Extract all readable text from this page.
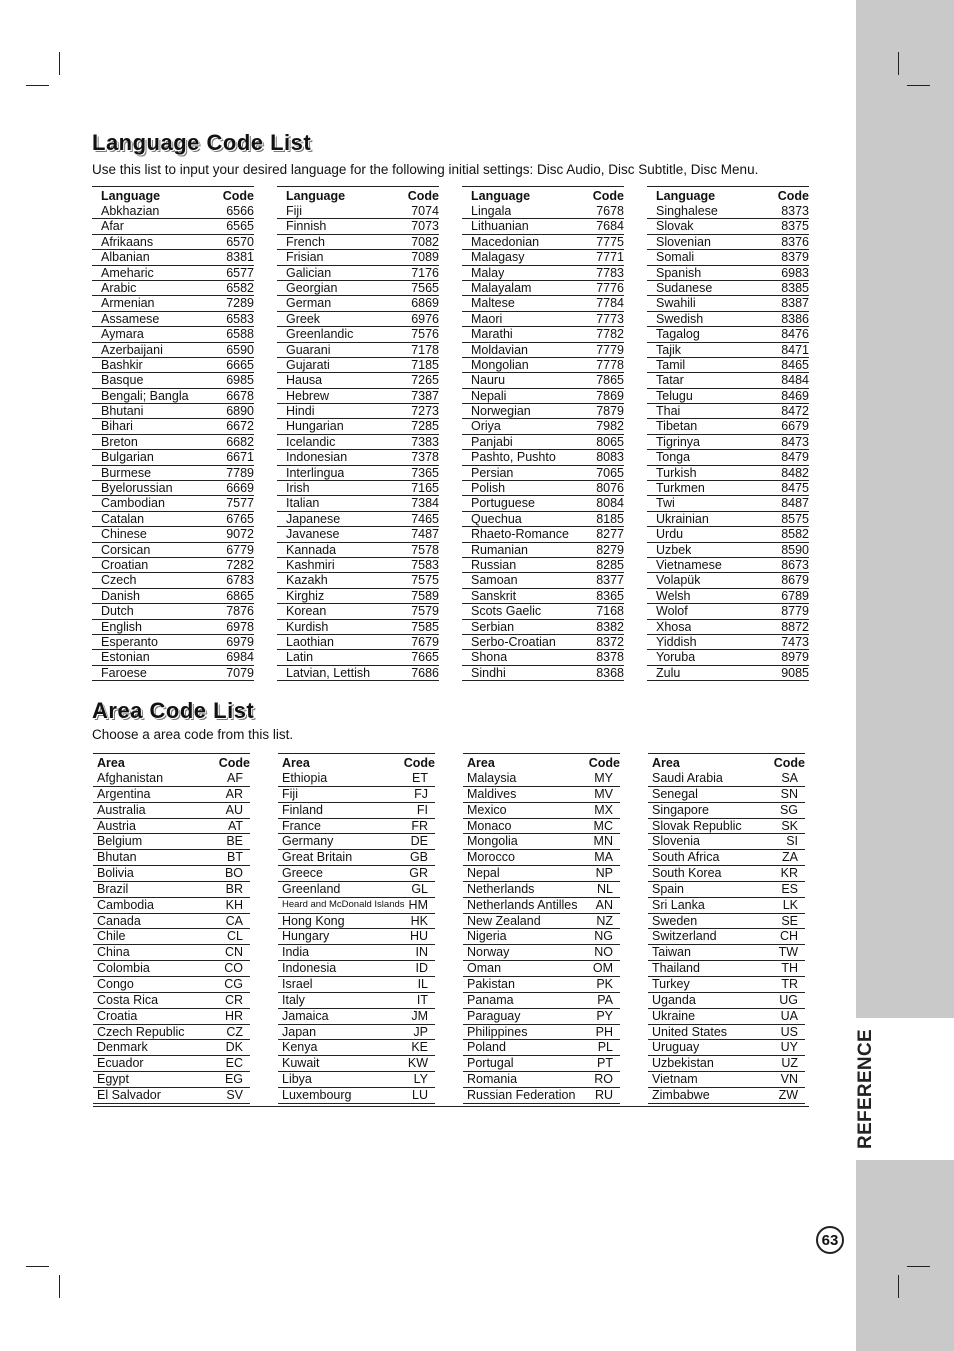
REFERENCE
63
Language Code List
Use this list to input your desired language for the following initial settings: Disc Audio, Disc Subtitle, Disc Menu.
Language	Code
Abkhazian	6566
Afar	6565
Afrikaans	6570
Albanian	8381
Ameharic	6577
Arabic	6582
Armenian	7289
Assamese	6583
Aymara	6588
Azerbaijani	6590
Bashkir	6665
Basque	6985
Bengali; Bangla	6678
Bhutani	6890
Bihari	6672
Breton	6682
Bulgarian	6671
Burmese	7789
Byelorussian	6669
Cambodian	7577
Catalan	6765
Chinese	9072
Corsican	6779
Croatian	7282
Czech	6783
Danish	6865
Dutch	7876
English	6978
Esperanto	6979
Estonian	6984
Faroese	7079
Language	Code
Fiji	7074
Finnish	7073
French	7082
Frisian	7089
Galician	7176
Georgian	7565
German	6869
Greek	6976
Greenlandic	7576
Guarani	7178
Gujarati	7185
Hausa	7265
Hebrew	7387
Hindi	7273
Hungarian	7285
Icelandic	7383
Indonesian	7378
Interlingua	7365
Irish	7165
Italian	7384
Japanese	7465
Javanese	7487
Kannada	7578
Kashmiri	7583
Kazakh	7575
Kirghiz	7589
Korean	7579
Kurdish	7585
Laothian	7679
Latin	7665
Latvian, Lettish	7686
Language	Code
Lingala	7678
Lithuanian	7684
Macedonian	7775
Malagasy	7771
Malay	7783
Malayalam	7776
Maltese	7784
Maori	7773
Marathi	7782
Moldavian	7779
Mongolian	7778
Nauru	7865
Nepali	7869
Norwegian	7879
Oriya	7982
Panjabi	8065
Pashto, Pushto	8083
Persian	7065
Polish	8076
Portuguese	8084
Quechua	8185
Rhaeto-Romance 8277
Rumanian	8279
Russian	8285
Samoan	8377
Sanskrit	8365
Scots Gaelic	7168
Serbian	8382
Serbo-Croatian	8372
Shona	8378
Sindhi	8368
Language	Code
Singhalese	8373
Slovak	8375
Slovenian	8376
Somali	8379
Spanish	6983
Sudanese	8385
Swahili	8387
Swedish	8386
Tagalog	8476
Tajik	8471
Tamil	8465
Tatar	8484
Telugu	8469
Thai	8472
Tibetan	6679
Tigrinya	8473
Tonga	8479
Turkish	8482
Turkmen	8475
Twi	8487
Ukrainian	8575
Urdu	8582
Uzbek	8590
Vietnamese	8673
Volapük	8679
Welsh	6789
Wolof	8779
Xhosa	8872
Yiddish	7473
Yoruba	8979
Zulu	9085
Area Code List
Choose a area code from this list.
Area	Code
Afghanistan	AF
Argentina	AR
Australia	AU
Austria	AT
Belgium	BE
Bhutan	BT
Bolivia	BO
Brazil	BR
Cambodia	KH
Canada	CA
Chile	CL
China	CN
Colombia	CO
Congo	CG
Costa Rica	CR
Croatia	HR
Czech Republic	CZ
Denmark	DK
Ecuador	EC
Egypt	EG
El Salvador	SV
Area	Code
Ethiopia	ET
Fiji	FJ
Finland	FI
France	FR
Germany	DE
Great Britain	GB
Greece	GR
Greenland	GL
Heard and McDonald Islands HM
Hong Kong	HK
Hungary	HU
India	IN
Indonesia	ID
Israel	IL
Italy	IT
Jamaica	JM
Japan	JP
Kenya	KE
Kuwait	KW
Libya	LY
Luxembourg	LU
Area	Code
Malaysia	MY
Maldives	MV
Mexico	MX
Monaco	MC
Mongolia	MN
Morocco	MA
Nepal	NP
Netherlands	NL
Netherlands Antilles AN
New Zealand	NZ
Nigeria	NG
Norway	NO
Oman	OM
Pakistan	PK
Panama	PA
Paraguay	PY
Philippines	PH
Poland	PL
Portugal	PT
Romania	RO
Russian Federation RU
Area	Code
Saudi Arabia	SA
Senegal	SN
Singapore	SG
Slovak Republic	SK
Slovenia	SI
South Africa	ZA
South Korea	KR
Spain	ES
Sri Lanka	LK
Sweden	SE
Switzerland	CH
Taiwan	TW
Thailand	TH
Turkey	TR
Uganda	UG
Ukraine	UA
United States	US
Uruguay	UY
Uzbekistan	UZ
Vietnam	VN
Zimbabwe	ZW
